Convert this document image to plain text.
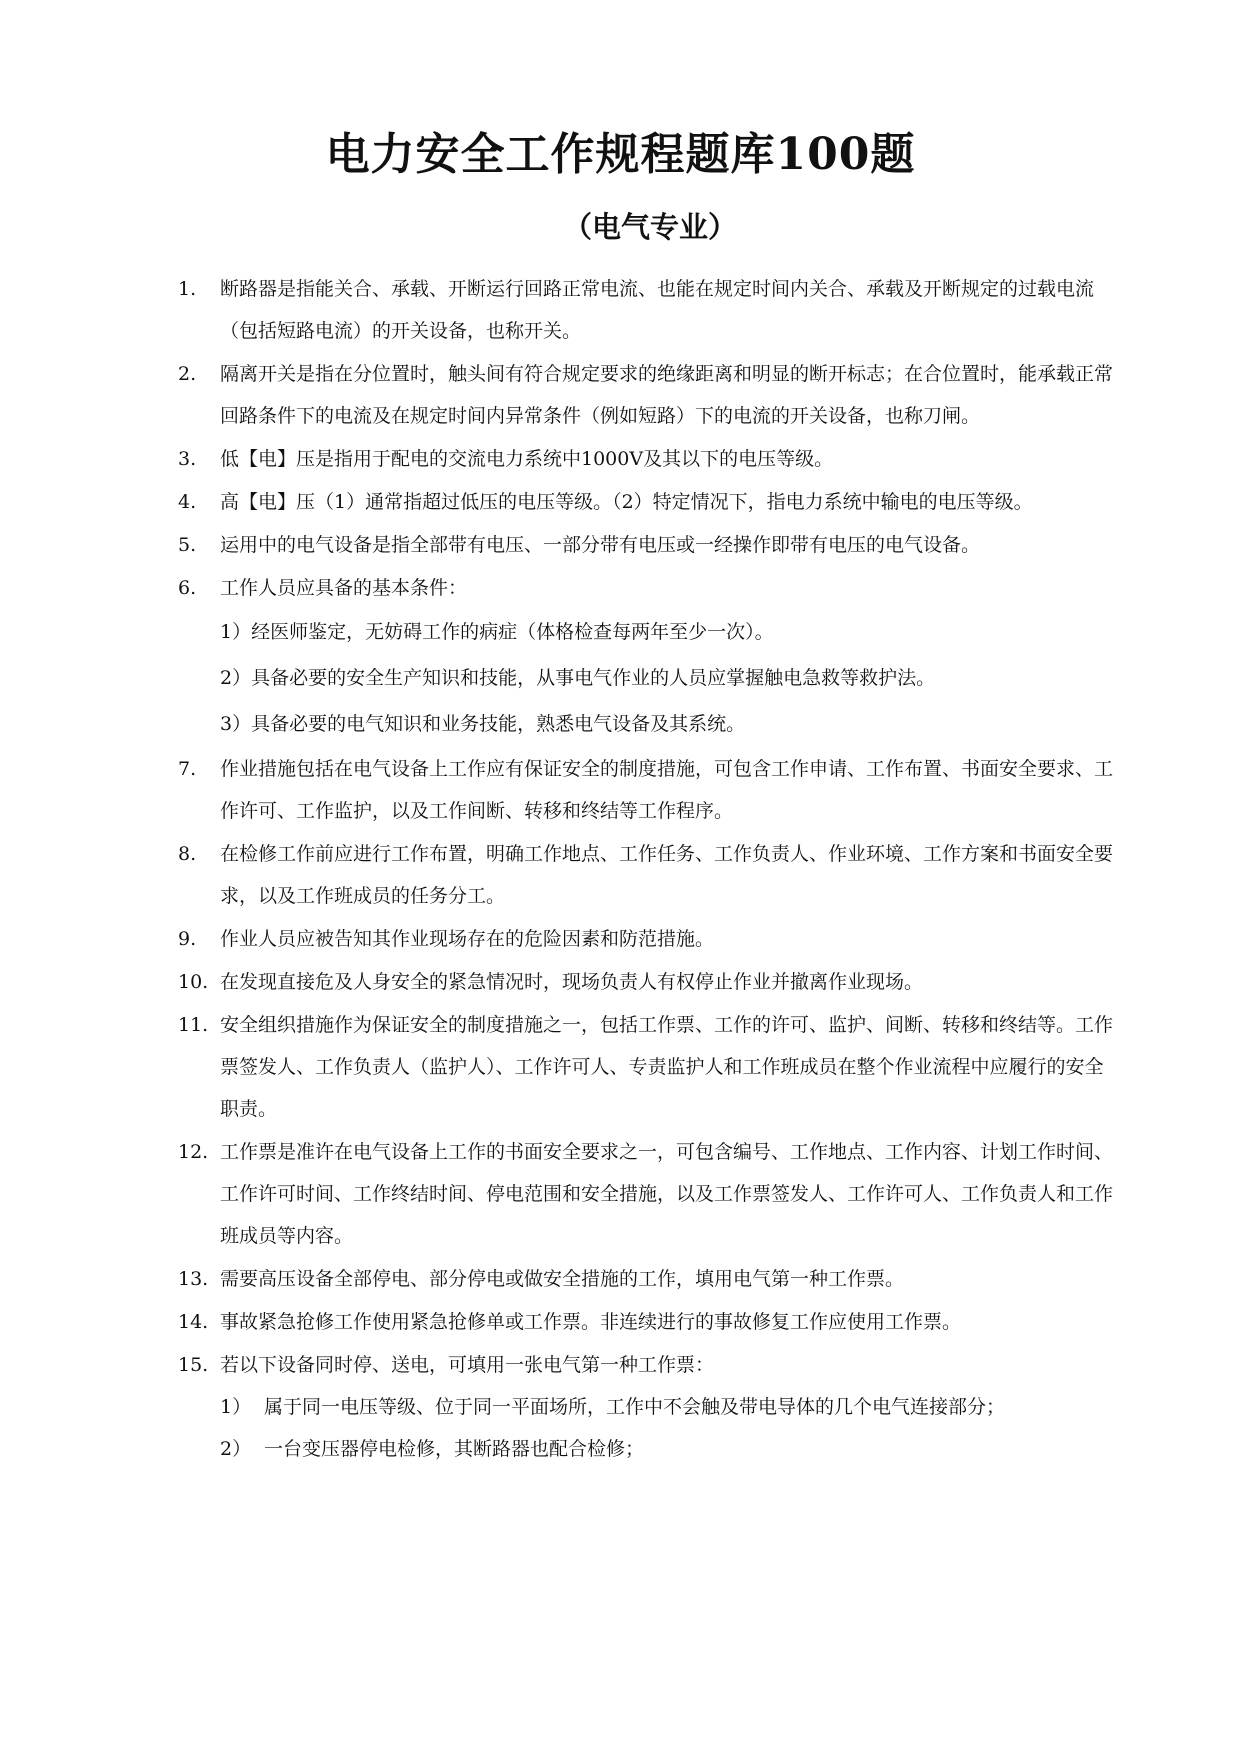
电力安全工作规程题库100题
（电气专业）
1. 断路器是指能关合、承载、开断运行回路正常电流、也能在规定时间内关合、承载及开断规定的过载电流（包括短路电流）的开关设备，也称开关。
2. 隔离开关是指在分位置时，触头间有符合规定要求的绝缘距离和明显的断开标志；在合位置时，能承载正常回路条件下的电流及在规定时间内异常条件（例如短路）下的电流的开关设备，也称刀闸。
3. 低【电】压是指用于配电的交流电力系统中1000V及其以下的电压等级。
4. 高【电】压（1）通常指超过低压的电压等级。（2）特定情况下，指电力系统中输电的电压等级。
5. 运用中的电气设备是指全部带有电压、一部分带有电压或一经操作即带有电压的电气设备。
6. 工作人员应具备的基本条件：
1）经医师鉴定，无妨碍工作的病症（体格检查每两年至少一次）。
2）具备必要的安全生产知识和技能，从事电气作业的人员应掌握触电急救等救护法。
3）具备必要的电气知识和业务技能，熟悉电气设备及其系统。
7. 作业措施包括在电气设备上工作应有保证安全的制度措施，可包含工作申请、工作布置、书面安全要求、工作许可、工作监护，以及工作间断、转移和终结等工作程序。
8. 在检修工作前应进行工作布置，明确工作地点、工作任务、工作负责人、作业环境、工作方案和书面安全要求，以及工作班成员的任务分工。
9. 作业人员应被告知其作业现场存在的危险因素和防范措施。
10. 在发现直接危及人身安全的紧急情况时，现场负责人有权停止作业并撤离作业现场。
11. 安全组织措施作为保证安全的制度措施之一，包括工作票、工作的许可、监护、间断、转移和终结等。工作票签发人、工作负责人（监护人）、工作许可人、专责监护人和工作班成员在整个作业流程中应履行的安全职责。
12. 工作票是准许在电气设备上工作的书面安全要求之一，可包含编号、工作地点、工作内容、计划工作时间、工作许可时间、工作终结时间、停电范围和安全措施，以及工作票签发人、工作许可人、工作负责人和工作班成员等内容。
13. 需要高压设备全部停电、部分停电或做安全措施的工作，填用电气第一种工作票。
14. 事故紧急抢修工作使用紧急抢修单或工作票。非连续进行的事故修复工作应使用工作票。
15. 若以下设备同时停、送电，可填用一张电气第一种工作票：
1） 属于同一电压等级、位于同一平面场所，工作中不会触及带电导体的几个电气连接部分；
2） 一台变压器停电检修，其断路器也配合检修；
